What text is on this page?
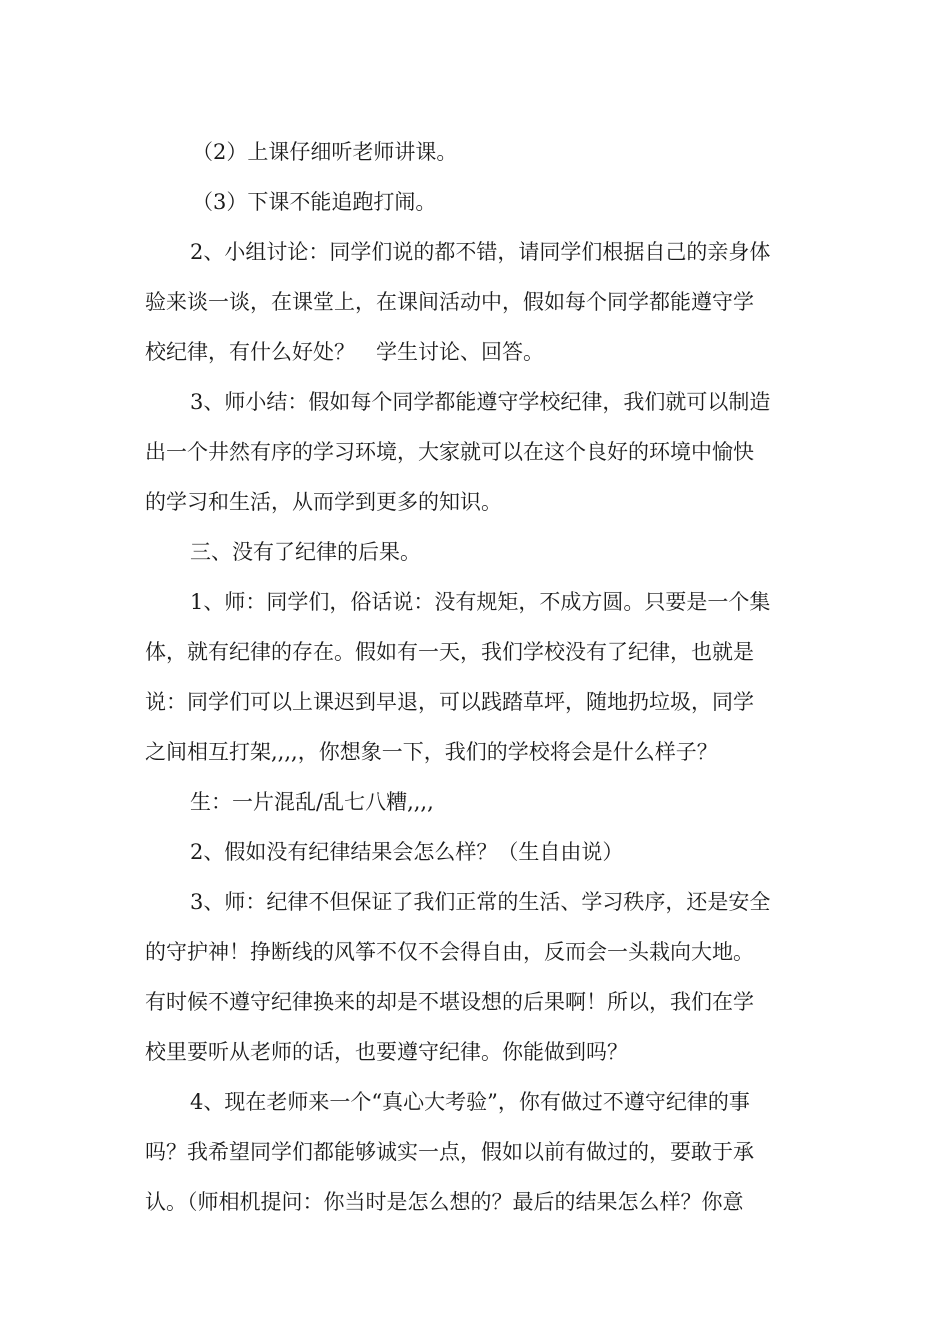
（2）上课仔细听老师讲课。
（3）下课不能追跑打闹。
2、小组讨论：同学们说的都不错，请同学们根据自己的亲身体
验来谈一谈，在课堂上，在课间活动中，假如每个同学都能遵守学
校纪律，有什么好处？　学生讨论、回答。
3、师小结：假如每个同学都能遵守学校纪律，我们就可以制造
出一个井然有序的学习环境，大家就可以在这个良好的环境中愉快
的学习和生活，从而学到更多的知识。
三、没有了纪律的后果。
1、师：同学们，俗话说：没有规矩，不成方圆。只要是一个集
体，就有纪律的存在。假如有一天，我们学校没有了纪律，也就是
说：同学们可以上课迟到早退，可以践踏草坪，随地扔垃圾，同学
之间相互打架,,,,，你想象一下，我们的学校将会是什么样子？
生：一片混乱/乱七八糟,,,,
2、假如没有纪律结果会怎么样？（生自由说）
3、师：纪律不但保证了我们正常的生活、学习秩序，还是安全
的守护神！挣断线的风筝不仅不会得自由，反而会一头栽向大地。
有时候不遵守纪律换来的却是不堪设想的后果啊！所以，我们在学
校里要听从老师的话，也要遵守纪律。你能做到吗？
4、现在老师来一个“真心大考验”，你有做过不遵守纪律的事
吗？我希望同学们都能够诚实一点，假如以前有做过的，要敢于承
认。（师相机提问：你当时是怎么想的？最后的结果怎么样？你意
